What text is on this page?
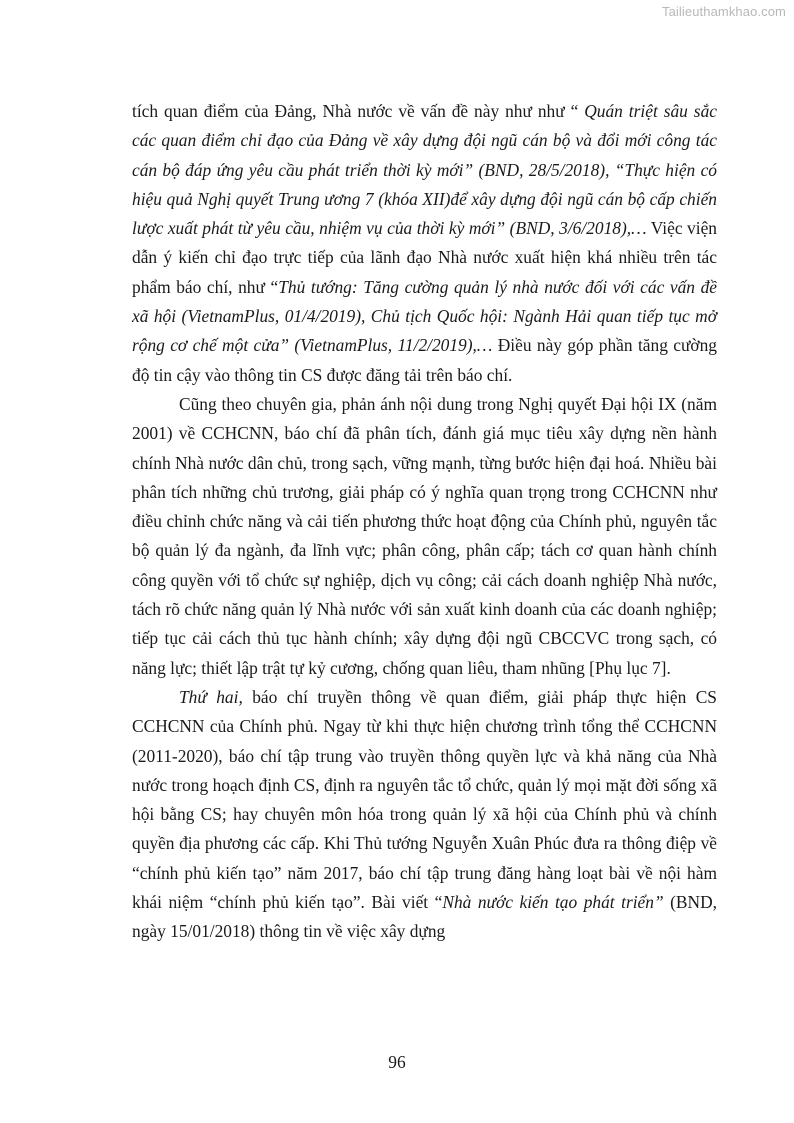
Tailieuthamkhao.com

tích quan điểm của Đảng, Nhà nước về vấn đề này như như “ Quán triệt sâu sắc các quan điểm chỉ đạo của Đảng về xây dựng đội ngũ cán bộ và đổi mới công tác cán bộ đáp ứng yêu cầu phát triển thời kỳ mới” (BND, 28/5/2018), “Thực hiện có hiệu quả Nghị quyết Trung ương 7 (khóa XII)để xây dựng đội ngũ cán bộ cấp chiến lược xuất phát từ yêu cầu, nhiệm vụ của thời kỳ mới” (BND, 3/6/2018),… Việc viện dẫn ý kiến chỉ đạo trực tiếp của lãnh đạo Nhà nước xuất hiện khá nhiều trên tác phẩm báo chí, như “Thủ tướng: Tăng cường quản lý nhà nước đối với các vấn đề xã hội (VietnamPlus, 01/4/2019), Chủ tịch Quốc hội: Ngành Hải quan tiếp tục mở rộng cơ chế một cửa” (VietnamPlus, 11/2/2019),… Điều này góp phần tăng cường độ tin cậy vào thông tin CS được đăng tải trên báo chí.

Cũng theo chuyên gia, phản ánh nội dung trong Nghị quyết Đại hội IX (năm 2001) về CCHCNN, báo chí đã phân tích, đánh giá mục tiêu xây dựng nền hành chính Nhà nước dân chủ, trong sạch, vững mạnh, từng bước hiện đại hoá. Nhiều bài phân tích những chủ trương, giải pháp có ý nghĩa quan trọng trong CCHCNN như điều chỉnh chức năng và cải tiến phương thức hoạt động của Chính phủ, nguyên tắc bộ quản lý đa ngành, đa lĩnh vực; phân công, phân cấp; tách cơ quan hành chính công quyền với tổ chức sự nghiệp, dịch vụ công; cải cách doanh nghiệp Nhà nước, tách rõ chức năng quản lý Nhà nước với sản xuất kinh doanh của các doanh nghiệp; tiếp tục cải cách thủ tục hành chính; xây dựng đội ngũ CBCCVC trong sạch, có năng lực; thiết lập trật tự kỷ cương, chống quan liêu, tham nhũng [Phụ lục 7].

Thứ hai, báo chí truyền thông về quan điểm, giải pháp thực hiện CS CCHCNN của Chính phủ. Ngay từ khi thực hiện chương trình tổng thể CCHCNN (2011-2020), báo chí tập trung vào truyền thông quyền lực và khả năng của Nhà nước trong hoạch định CS, định ra nguyên tắc tổ chức, quản lý mọi mặt đời sống xã hội bằng CS; hay chuyên môn hóa trong quản lý xã hội của Chính phủ và chính quyền địa phương các cấp. Khi Thủ tướng Nguyễn Xuân Phúc đưa ra thông điệp về “chính phủ kiến tạo” năm 2017, báo chí tập trung đăng hàng loạt bài về nội hàm khái niệm “chính phủ kiến tạo”. Bài viết “Nhà nước kiến tạo phát triển” (BND, ngày 15/01/2018) thông tin về việc xây dựng

96
